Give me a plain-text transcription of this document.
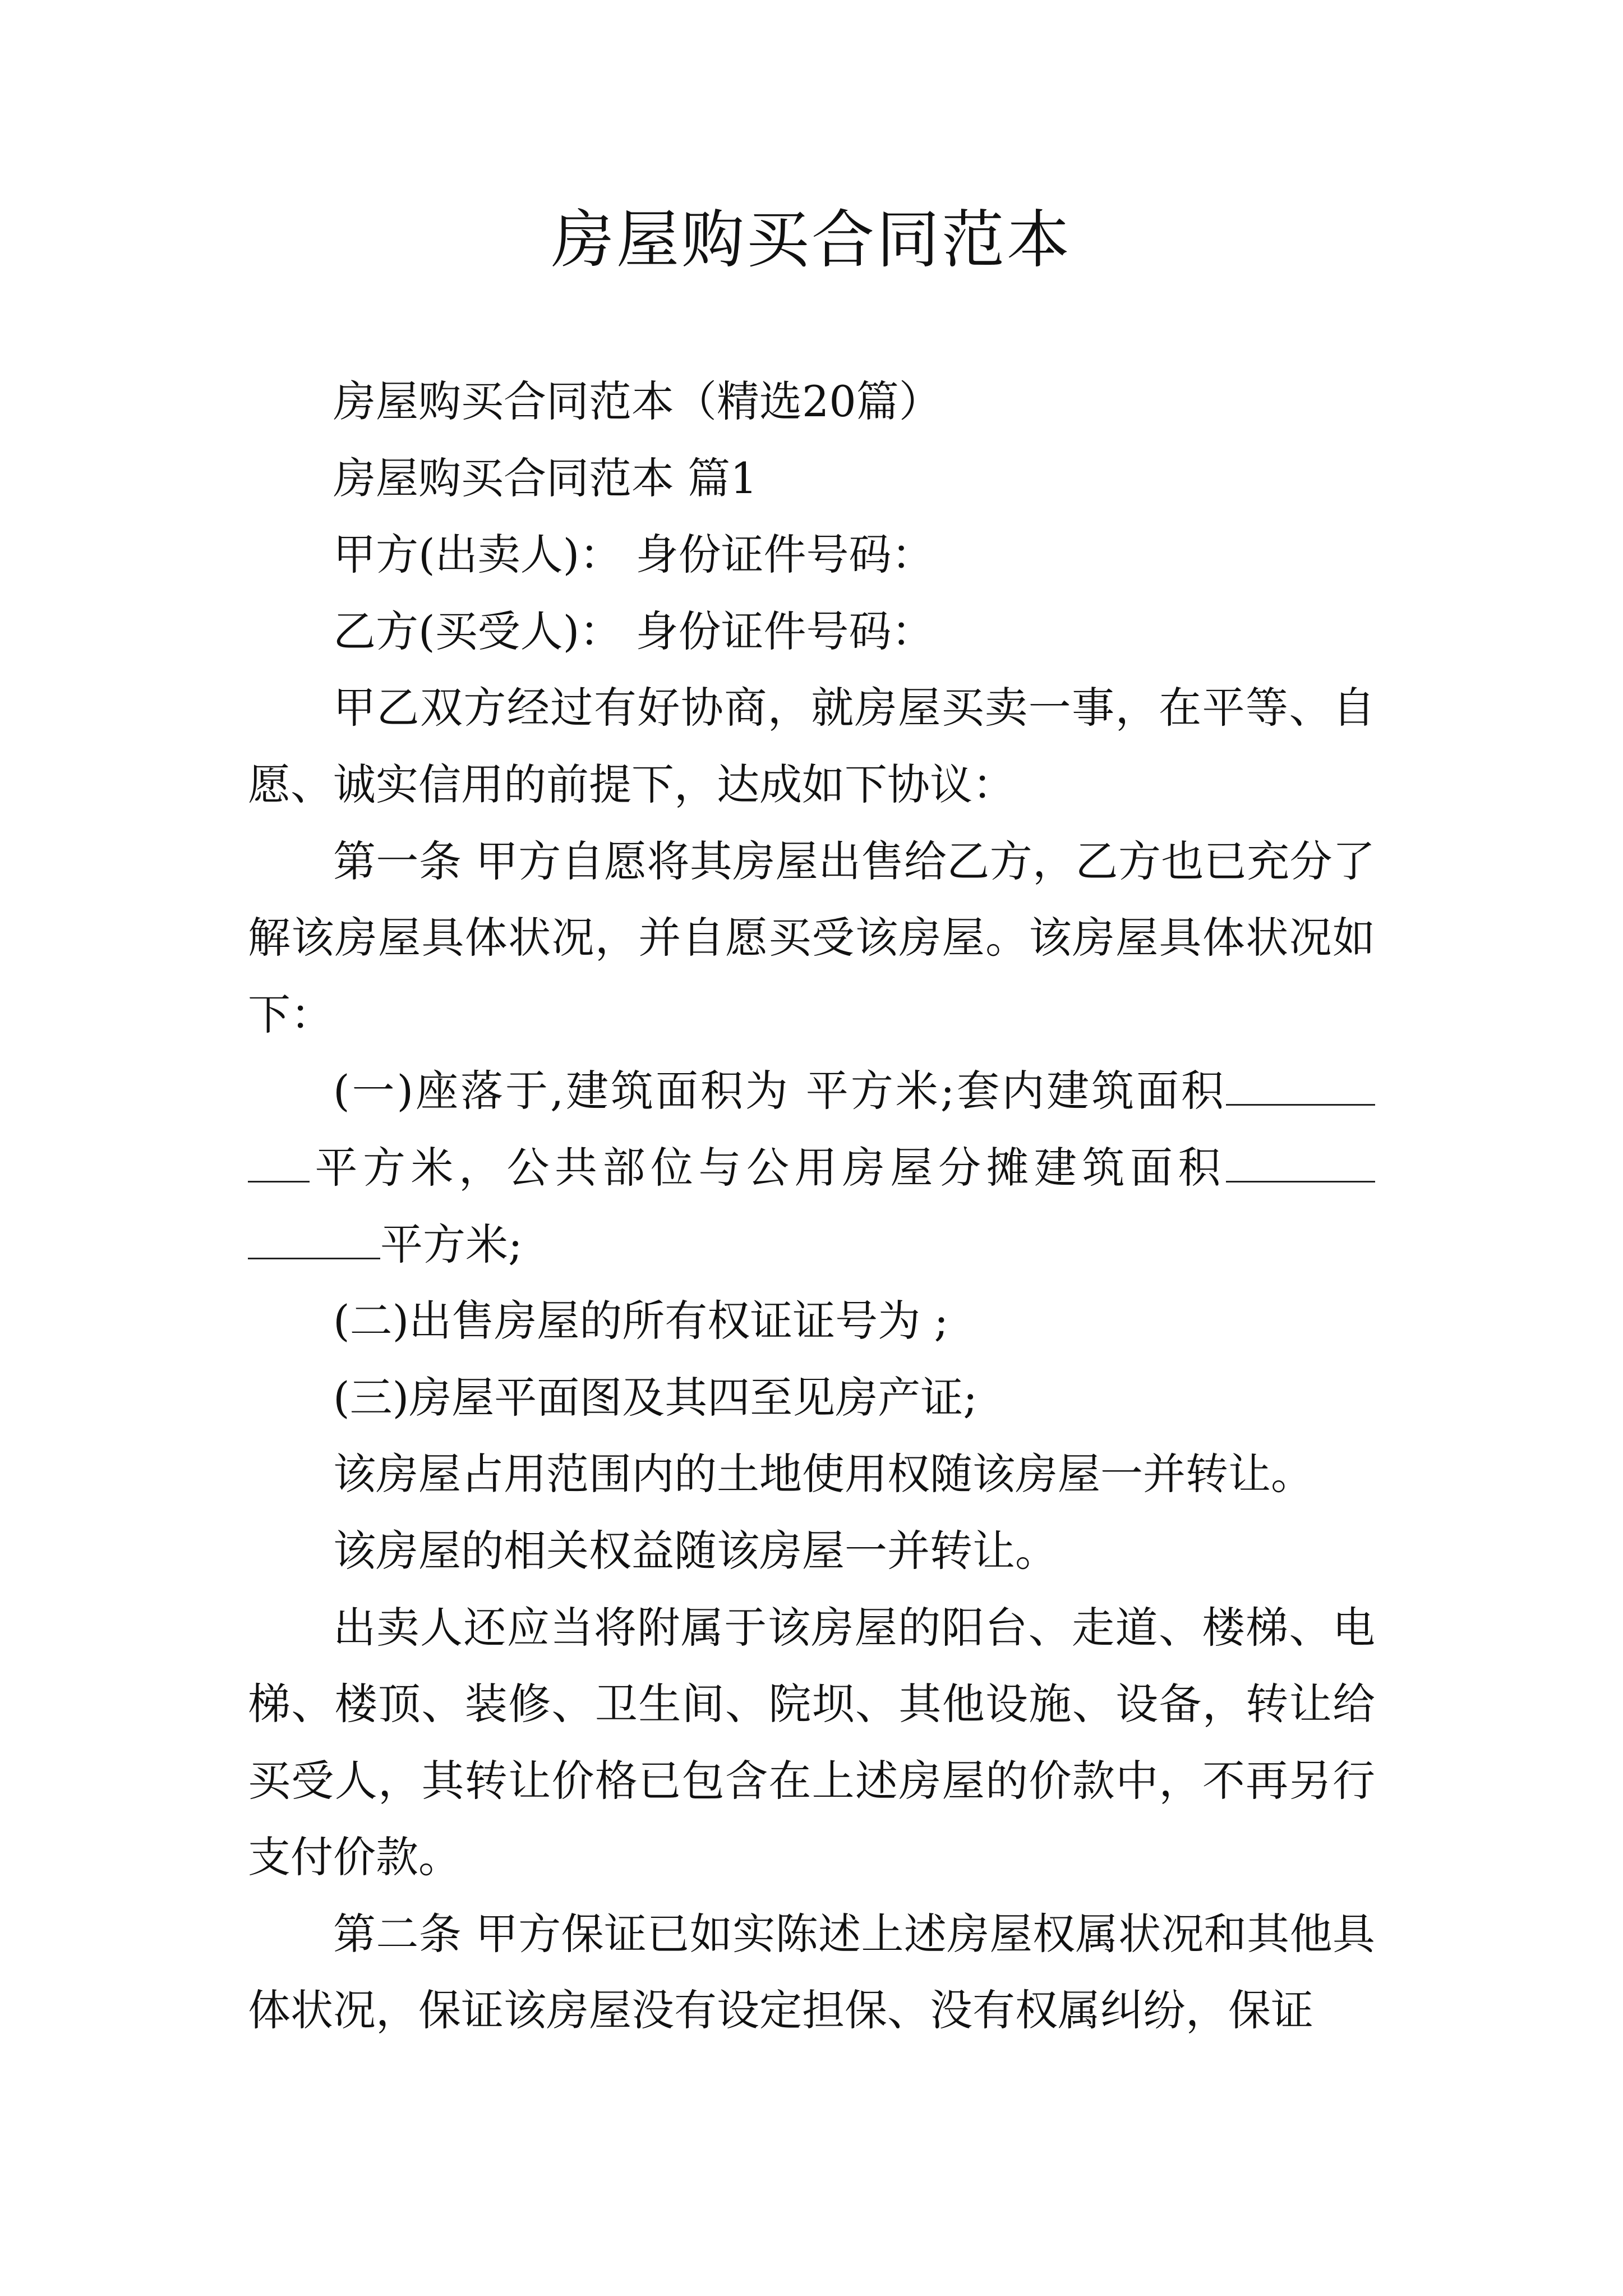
房屋购买合同范本

房屋购买合同范本（精选20篇）

房屋购买合同范本 篇1

甲方(出卖人)： 身份证件号码：

乙方(买受人)： 身份证件号码：

甲乙双方经过有好协商，就房屋买卖一事，在平等、自愿、诚实信用的前提下，达成如下协议：

第一条 甲方自愿将其房屋出售给乙方，乙方也已充分了解该房屋具体状况，并自愿买受该房屋。该房屋具体状况如下：

(一)座落于,建筑面积为 平方米;套内建筑面积平方米，公共部位与公用房屋分摊建筑面积平方米;

(二)出售房屋的所有权证证号为 ;

(三)房屋平面图及其四至见房产证;

该房屋占用范围内的土地使用权随该房屋一并转让。

该房屋的相关权益随该房屋一并转让。

出卖人还应当将附属于该房屋的阳台、走道、楼梯、电梯、楼顶、装修、卫生间、院坝、其他设施、设备，转让给买受人，其转让价格已包含在上述房屋的价款中，不再另行支付价款。

第二条 甲方保证已如实陈述上述房屋权属状况和其他具体状况，保证该房屋没有设定担保、没有权属纠纷，保证
